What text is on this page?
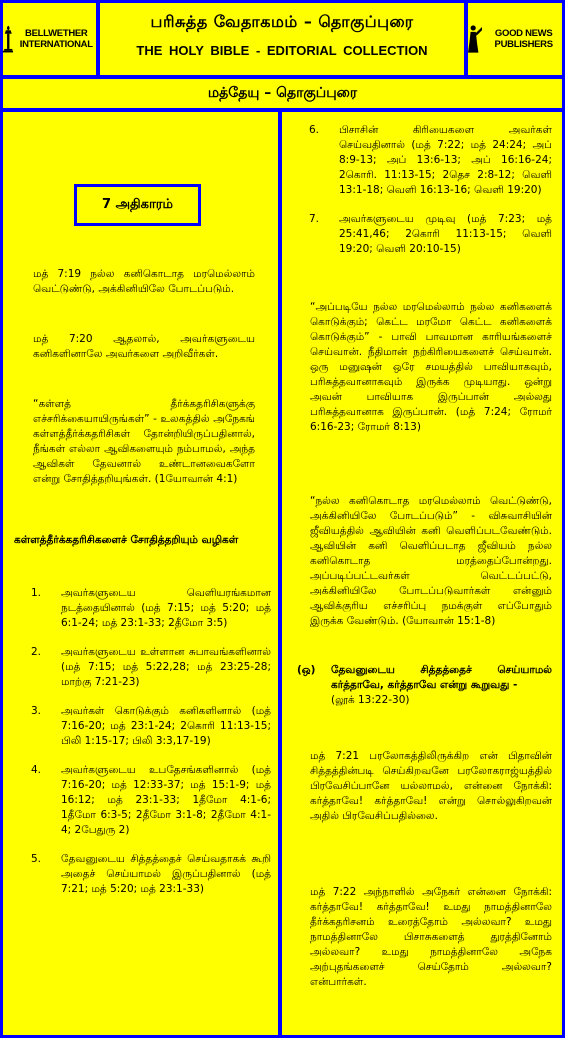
BELLWETHER INTERNATIONAL
பரிசுத்த வேதாகமம் – தொகுப்புரை
THE HOLY BIBLE - EDITORIAL COLLECTION
GOOD NEWS PUBLISHERS
மத்தேயு – தொகுப்புரை
7 அதிகாரம்

மத் 7:19 நல்ல கனிகொடாத மரமெல்லாம் வெட்டுண்டு, அக்கினியிலே போடப்படும்.

மத் 7:20 ஆதலால், அவர்களுடைய கனிகளினாலே அவர்களை அறிவீர்கள்.

“கள்ளத் தீர்க்கதரிசிகளுக்கு எச்சரிக்கையாயிருங்கள்” - உலகத்தில் அநேகங் கள்ளத்தீர்க்கதரிசிகள் தோன்றியிருப்பதினால், நீங்கள் எல்லா ஆவிகளையும் நம்பாமல், அந்த ஆவிகள் தேவனால் உண்டானவைகளோ என்று சோதித்தறியுங்கள். (1யோவான் 4:1)

கள்ளத்தீர்க்கதரிசிகளைச் சோதித்தறியும் வழிகள்

1. அவர்களுடைய வெளியரங்கமான நடத்தையினால் (மத் 7:15; மத் 5:20; மத் 6:1-24; மத் 23:1-33; 2தீமோ 3:5)
2. அவர்களுடைய உள்ளான சுபாவங்களினால் (மத் 7:15; மத் 5:22,28; மத் 23:25-28; மாற்கு 7:21-23)
3. அவர்கள் கொடுக்கும் கனிகளினால் (மத் 7:16-20; மத் 23:1-24; 2கொரி 11:13-15; பிலி 1:15-17; பிலி 3:3,17-19)
4. அவர்களுடைய உபதேசங்களினால் (மத் 7:16-20; மத் 12:33-37; மத் 15:1-9; மத் 16:12; மத் 23:1-33; 1தீமோ 4:1-6; 1தீமோ 6:3-5; 2தீமோ 3:1-8; 2தீமோ 4:1-4; 2பேதுரு 2)
5. தேவனுடைய சித்தத்தைச் செய்வதாகக் கூறி அதைச் செய்யாமல் இருப்பதினால் (மத் 7:21; மத் 5:20; மத் 23:1-33)
6. பிசாசின் கிரியைகளை அவர்கள் செய்வதினால் (மத் 7:22; மத் 24:24; அப் 8:9-13; அப் 13:6-13; அப் 16:16-24; 2கொரி. 11:13-15; 2தெச 2:8-12; வெளி 13:1-18; வெளி 16:13-16; வெளி 19:20)
7. அவர்களுடைய முடிவு (மத் 7:23; மத் 25:41,46; 2கொரி 11:13-15; வெளி 19:20; வெளி 20:10-15)

“அப்படியே நல்ல மரமெல்லாம் நல்ல கனிகளைக் கொடுக்கும்; கெட்ட மரமோ கெட்ட கனிகளைக் கொடுக்கும்” - பாவி பாவமான காரியங்களைச் செய்வான். நீதிமான் நற்கிரியைகளைச் செய்வான். ஒரு மனுஷன் ஒரே சமயத்தில் பாவியாகவும், பரிசுத்தவானாகவும் இருக்க முடியாது. ஒன்று அவன் பாவியாக இருப்பான் அல்லது பரிசுத்தவானாக இருப்பான். (மத் 7:24; ரோமர் 6:16-23; ரோமர் 8:13)

“நல்ல கனிகொடாத மரமெல்லாம் வெட்டுண்டு, அக்கினியிலே போடப்படும்” - விசுவாசியின் ஜீவியத்தில் ஆவியின் கனி வெளிப்படவேண்டும். ஆவியின் கனி வெளிப்படாத ஜீவியம் நல்ல கனிகொடாத மரத்தைப்போன்றது. அப்படிப்பட்டவர்கள் வெட்டப்பட்டு, அக்கினியிலே போடப்படுவார்கள் என்னும் ஆவிக்குரிய எச்சரிப்பு நமக்குள் எப்போதும் இருக்க வேண்டும். (யோவான் 15:1-8)

(ஒ) தேவனுடைய சித்தத்தைச் செய்யாமல் கர்த்தாவே, கர்த்தாவே என்று கூறுவது -
(லூக் 13:22-30)

மத் 7:21 பரலோகத்திலிருக்கிற என் பிதாவின் சித்தத்தின்படி செய்கிறவனே பரலோகராஜ்யத்தில் பிரவேசிப்பானே யல்லாமல், என்னை நோக்கி: கர்த்தாவே! கர்த்தாவே! என்று சொல்லுகிறவன் அதில் பிரவேசிப்பதில்லை.

மத் 7:22 அந்நாளில் அநேகர் என்னை நோக்கி: கர்த்தாவே! கர்த்தாவே! உமது நாமத்தினாலே தீர்க்கதரிசனம் உரைத்தோம் அல்லவா? உமது நாமத்தினாலே பிசாசுகளைத் துரத்தினோம் அல்லவா? உமது நாமத்தினாலே அநேக அற்புதங்களைச் செய்தோம் அல்லவா? என்பார்கள்.
